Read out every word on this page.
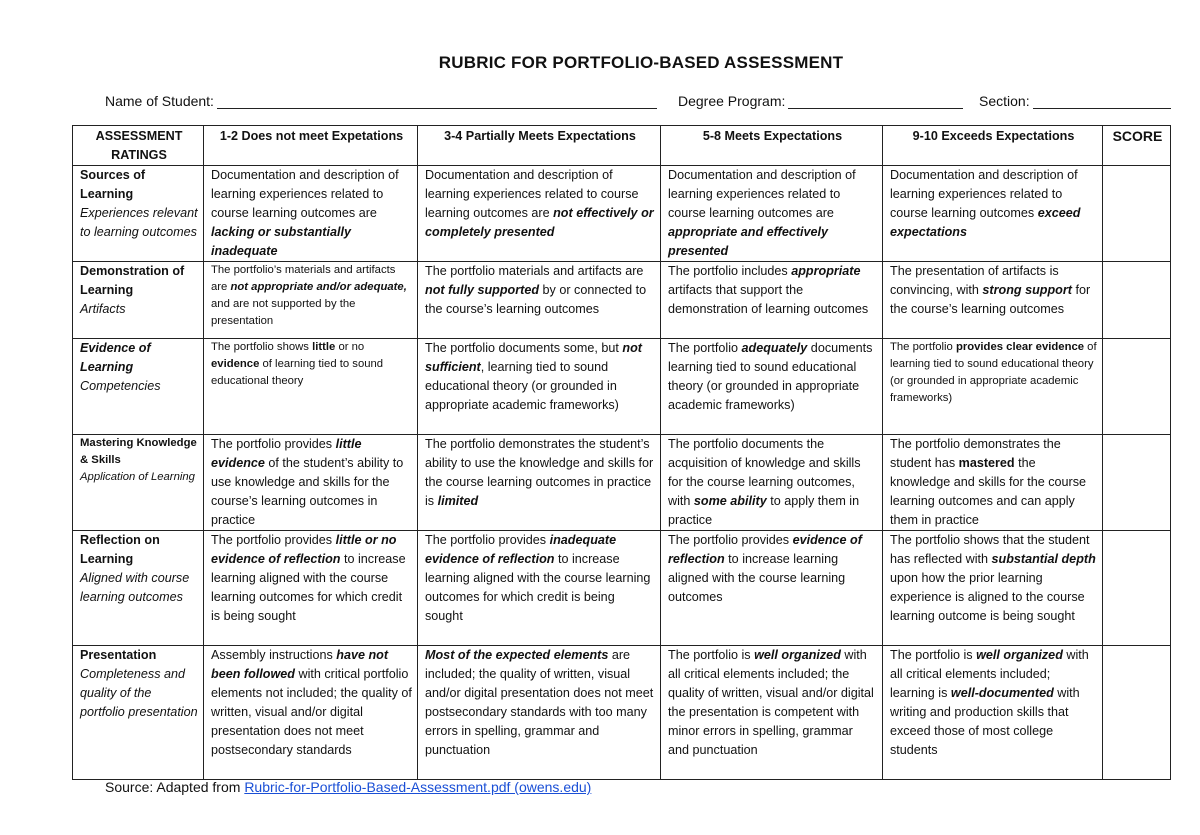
RUBRIC FOR PORTFOLIO-BASED ASSESSMENT
Name of Student:	Degree Program:	Section:
ASSESSMENT RATINGS	1-2 Does not meet Expetations	3-4 Partially Meets Expectations	5-8 Meets Expectations	9-10 Exceeds Expectations	SCORE

Sources of Learning
Experiences relevant to learning outcomes	Documentation and description of learning experiences related to course learning outcomes are lacking or substantially inadequate	Documentation and description of learning experiences related to course learning outcomes are not effectively or completely presented	Documentation and description of learning experiences related to course learning outcomes are appropriate and effectively presented	Documentation and description of learning experiences related to course learning outcomes exceed expectations	

Demonstration of Learning
Artifacts	The portfolio’s materials and artifacts are not appropriate and/or adequate, and are not supported by the presentation	The portfolio materials and artifacts are not fully supported by or connected to the course’s learning outcomes	The portfolio includes appropriate artifacts that support the demonstration of learning outcomes	The presentation of artifacts is convincing, with strong support for the course’s learning outcomes	

Evidence of Learning
Competencies	The portfolio shows little or no evidence of learning tied to sound educational theory	The portfolio documents some, but not sufficient, learning tied to sound educational theory (or grounded in appropriate academic frameworks)	The portfolio adequately documents learning tied to sound educational theory (or grounded in appropriate academic frameworks)	The portfolio provides clear evidence of learning tied to sound educational theory (or grounded in appropriate academic frameworks)	

Mastering Knowledge & Skills
Application of Learning	The portfolio provides little evidence of the student’s ability to use knowledge and skills for the course’s learning outcomes in practice	The portfolio demonstrates the student’s ability to use the knowledge and skills for the course learning outcomes in practice is limited	The portfolio documents the acquisition of knowledge and skills for the course learning outcomes, with some ability to apply them in practice	The portfolio demonstrates the student has mastered the knowledge and skills for the course learning outcomes and can apply them in practice	

Reflection on Learning
Aligned with course learning outcomes	The portfolio provides little or no evidence of reflection to increase learning aligned with the course learning outcomes for which credit is being sought	The portfolio provides inadequate evidence of reflection to increase learning aligned with the course learning outcomes for which credit is being sought	The portfolio provides evidence of reflection to increase learning aligned with the course learning outcomes	The portfolio shows that the student has reflected with substantial depth upon how the prior learning experience is aligned to the course learning outcome is being sought	

Presentation
Completeness and quality of the portfolio presentation	Assembly instructions have not been followed with critical portfolio elements not included; the quality of written, visual and/or digital presentation does not meet postsecondary standards	Most of the expected elements are included; the quality of written, visual and/or digital presentation does not meet postsecondary standards with too many errors in spelling, grammar and punctuation	The portfolio is well organized with all critical elements included; the quality of written, visual and/or digital the presentation is competent with minor errors in spelling, grammar and punctuation	The portfolio is well organized with all critical elements included; learning is well-documented with writing and production skills that exceed those of most college students	
Source: Adapted from Rubric-for-Portfolio-Based-Assessment.pdf (owens.edu)
